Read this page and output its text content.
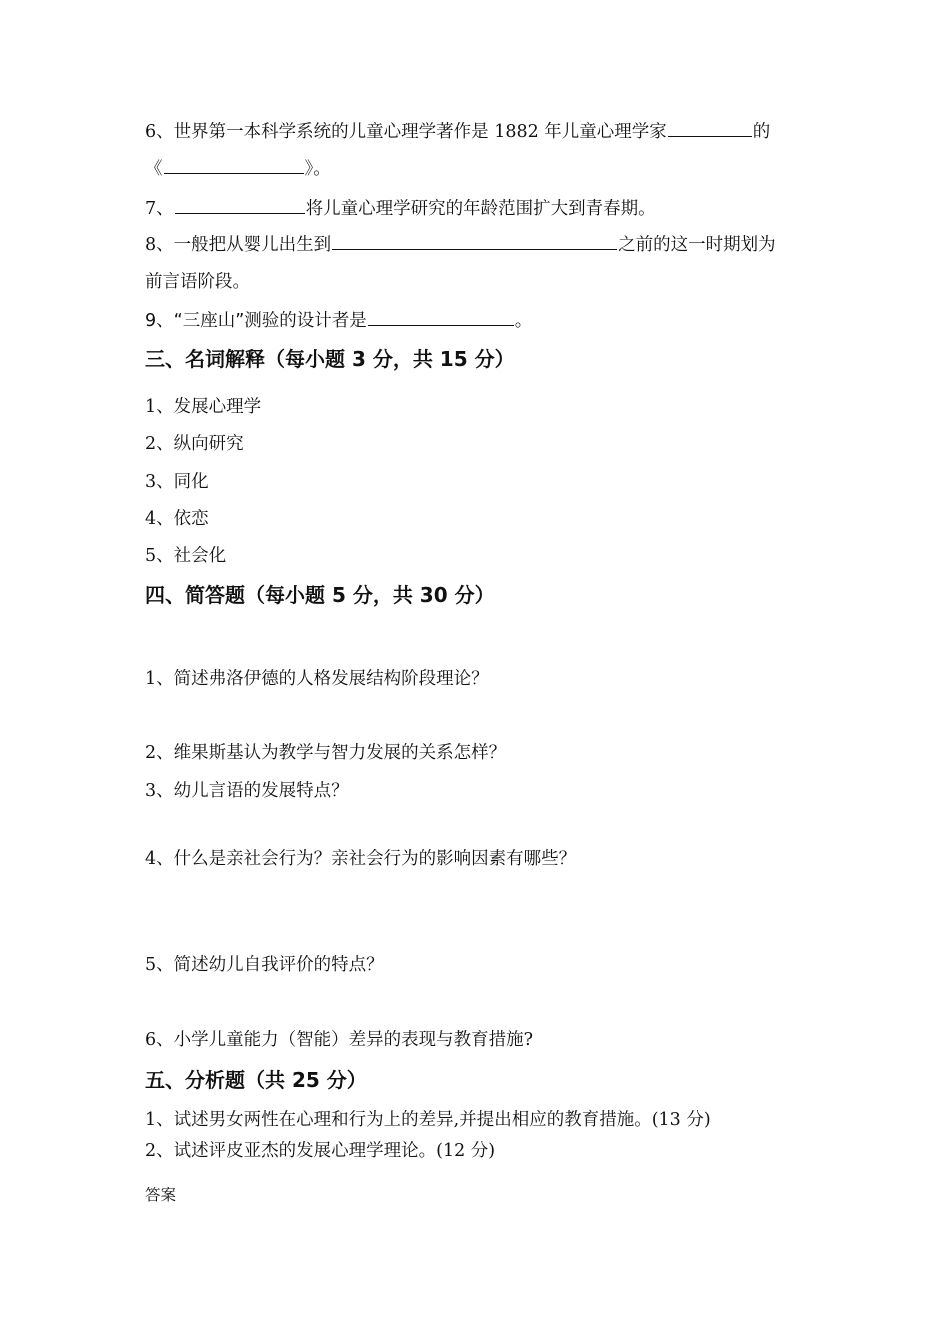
6、世界第一本科学系统的儿童心理学著作是 1882 年儿童心理学家	的
《	》。
7、	将儿童心理学研究的年龄范围扩大到青春期。
8、一般把从婴儿出生到	之前的这一时期划为
前言语阶段。
9、“三座山”测验的设计者是	。
三、名词解释（每小题 3 分，共 15 分）
1、发展心理学
2、纵向研究
3、同化
4、依恋
5、社会化
四、简答题（每小题 5 分，共 30 分）
1、简述弗洛伊德的人格发展结构阶段理论？
2、维果斯基认为教学与智力发展的关系怎样？
3、幼儿言语的发展特点？
4、什么是亲社会行为？亲社会行为的影响因素有哪些？
5、简述幼儿自我评价的特点？
6、小学儿童能力（智能）差异的表现与教育措施?
五、分析题（共 25 分）
1、试述男女两性在心理和行为上的差异,并提出相应的教育措施。(13 分)
2、试述评皮亚杰的发展心理学理论。(12 分)
答案
